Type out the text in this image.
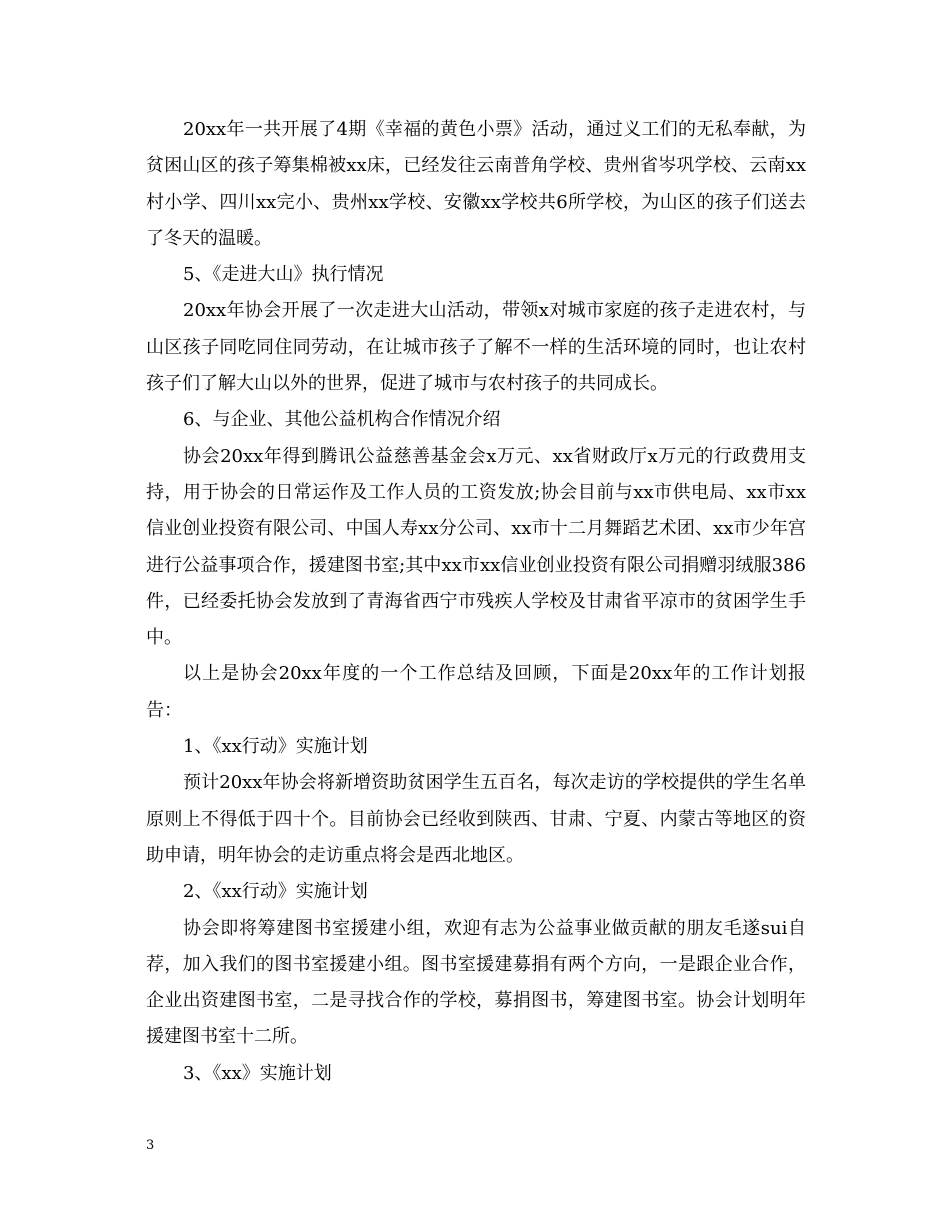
20xx年一共开展了4期《幸福的黄色小票》活动，通过义工们的无私奉献，为贫困山区的孩子筹集棉被xx床，已经发往云南普角学校、贵州省岑巩学校、云南xx村小学、四川xx完小、贵州xx学校、安徽xx学校共6所学校，为山区的孩子们送去了冬天的温暖。

5、《走进大山》执行情况

20xx年协会开展了一次走进大山活动，带领x对城市家庭的孩子走进农村，与山区孩子同吃同住同劳动，在让城市孩子了解不一样的生活环境的同时，也让农村孩子们了解大山以外的世界，促进了城市与农村孩子的共同成长。

6、与企业、其他公益机构合作情况介绍

协会20xx年得到腾讯公益慈善基金会x万元、xx省财政厅x万元的行政费用支持，用于协会的日常运作及工作人员的工资发放;协会目前与xx市供电局、xx市xx信业创业投资有限公司、中国人寿xx分公司、xx市十二月舞蹈艺术团、xx市少年宫进行公益事项合作，援建图书室;其中xx市xx信业创业投资有限公司捐赠羽绒服386件，已经委托协会发放到了青海省西宁市残疾人学校及甘肃省平凉市的贫困学生手中。

以上是协会20xx年度的一个工作总结及回顾，下面是20xx年的工作计划报告：

1、《xx行动》实施计划

预计20xx年协会将新增资助贫困学生五百名，每次走访的学校提供的学生名单原则上不得低于四十个。目前协会已经收到陕西、甘肃、宁夏、内蒙古等地区的资助申请，明年协会的走访重点将会是西北地区。

2、《xx行动》实施计划

协会即将筹建图书室援建小组，欢迎有志为公益事业做贡献的朋友毛遂sui自荐，加入我们的图书室援建小组。图书室援建募捐有两个方向，一是跟企业合作，企业出资建图书室，二是寻找合作的学校，募捐图书，筹建图书室。协会计划明年援建图书室十二所。

3、《xx》实施计划

3
